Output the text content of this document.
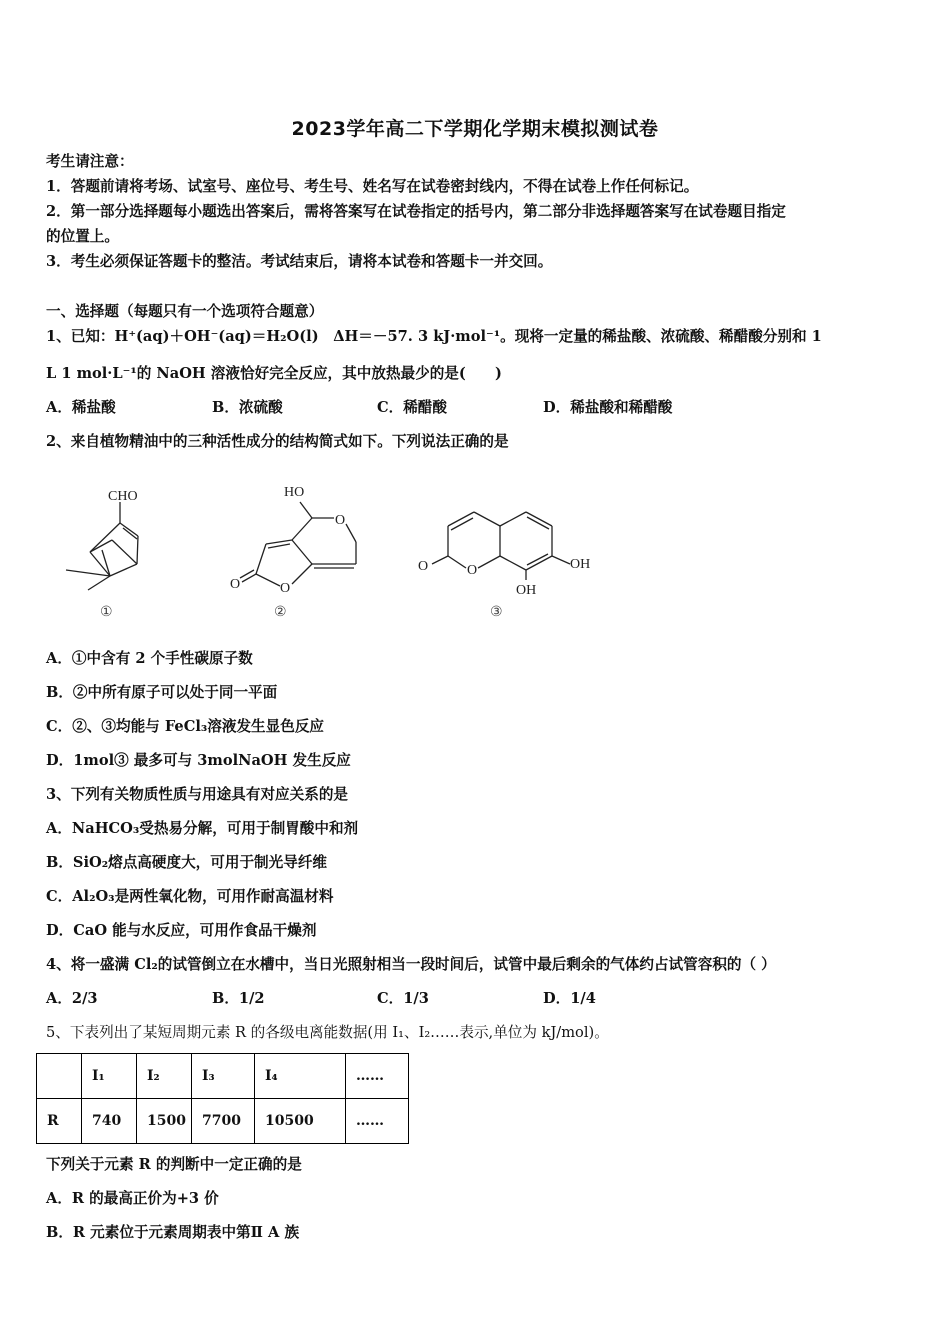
2023学年高二下学期化学期末模拟测试卷
考生请注意：
1．答题前请将考场、试室号、座位号、考生号、姓名写在试卷密封线内，不得在试卷上作任何标记。
2．第一部分选择题每小题选出答案后，需将答案写在试卷指定的括号内，第二部分非选择题答案写在试卷题目指定
的位置上。
3．考生必须保证答题卡的整洁。考试结束后，请将本试卷和答题卡一并交回。
一、选择题（每题只有一个选项符合题意）
1、已知：H⁺(aq)＋OH⁻(aq)＝H₂O(l)　ΔH＝－57. 3 kJ·mol⁻¹。现将一定量的稀盐酸、浓硫酸、稀醋酸分别和 1
L 1 mol·L⁻¹的 NaOH 溶液恰好完全反应，其中放热最少的是(　　)
A．稀盐酸	B．浓硫酸	C．稀醋酸	D．稀盐酸和稀醋酸
2、来自植物精油中的三种活性成分的结构简式如下。下列说法正确的是
CHO
①
HO
O
O
O
②
O	O	OH
OH
③
A．①中含有 2 个手性碳原子数
B．②中所有原子可以处于同一平面
C．②、③均能与 FeCl₃溶液发生显色反应
D．1mol③ 最多可与 3molNaOH 发生反应
3、下列有关物质性质与用途具有对应关系的是
A．NaHCO₃受热易分解，可用于制胃酸中和剂
B．SiO₂熔点高硬度大，可用于制光导纤维
C．Al₂O₃是两性氧化物，可用作耐高温材料
D．CaO 能与水反应，可用作食品干燥剂
4、将一盛满 Cl₂的试管倒立在水槽中，当日光照射相当一段时间后，试管中最后剩余的气体约占试管容积的（ ）
A．2/3	B．1/2	C．1/3	D．1/4
5、下表列出了某短周期元素 R 的各级电离能数据(用 I₁、I₂……表示,单位为 kJ/mol)。
	I₁	I₂	I₃	I₄	……
R	740	1500	7700	10500	……
下列关于元素 R 的判断中一定正确的是
A．R 的最高正价为+3 价
B．R 元素位于元素周期表中第Ⅱ A 族
